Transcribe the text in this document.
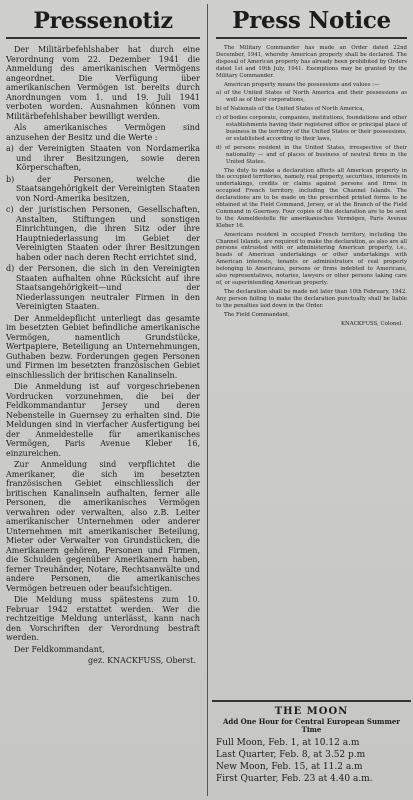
Pressenotiz

Der Militärbefehlshaber hat durch eine Verordnung vom 22. Dezember 1941 die Anmeldung des amerikanischen Vermögens angeordnet. Die Verfügung über amerikanischen Vermögen ist bereits durch Anordnungen vom 1. und 19. Juli 1941 verboten worden. Ausnahmen können vom Militärbefehlshaber bewilligt werden.

Als amerikanisches Vermögen sind anzusehen der Besitz und die Werte :

a) der Vereinigten Staaten von Nordamerika und ihrer Besitzungen, sowie deren Körperschaften,

b) der Personen, welche die Staatsangehörigkeit der Vereinigten Staaten von Nord-Amerika besitzen,

c) der juristischen Personen, Gesellschaften, Anstalten, Stiftungen und sonstigen Einrichtungen, die ihren Sitz oder ihre Hauptniederlassung im Gebiet der Vereinigten Staaten oder ihrer Besitzungen haben oder nach deren Recht errichtet sind,

d) der Personen, die sich in den Vereinigten Staaten aufhalten ohne Rücksicht auf ihre Staatsangehörigkeit—und der Niederlassungen neutraler Firmen in den Vereinigten Staaten.

Der Anmeldepflicht unterliegt das gesamte im besetzten Gebiet befindliche amerikanische Vermögen, namentlich Grundstücke, Wertpapiere, Beteiligung an Unternehmungen, Guthaben bezw. Forderungen gegen Personen und Firmen im besetzten französischen Gebiet einschliesslich der britischen Kanalinseln.

Die Anmeldung ist auf vorgeschriebenen Vordrucken vorzunehmen, die bei der Feldkommandantur Jersey und deren Nebenstelle in Guernsey zu erhalten sind. Die Meldungen sind in vierfacher Ausfertigung bei der Anmeldestelle für amerikanisches Vermögen, Paris Avenue Kleber 16, einzureichen.

Zur Anmeldung sind verpflichtet die Amerikaner, die sich im besetzten französischen Gebiet einschliesslich der britischen Kanalinseln aufhalten, ferner alle Personen, die amerikanisches Vermögen verwahren oder verwalten, also z.B. Leiter amerikanischer Unternehmen oder anderer Unternehmen mit amerikanischer Beteilung, Mieter oder Verwalter von Grundstücken, die Amerikanern gehören, Personen und Firmen, die Schulden gegenüber Amerikanern haben, ferner Treuhänder, Notare, Rechtsanwälte und andere Personen, die amerikanisches Vermögen betreuen oder beaufsichtigen.

Die Meldung muss spätestens zum 10. Februar 1942 erstattet werden. Wer die rechtzeitige Meldung unterlässt, kann nach den Vorschriften der Verordnung bestraft werden.

Der Feldkommandant,

gez. KNACKFUSS, Oberst.

Press Notice

The Military Commander has made an Order dated 22nd December, 1941, whereby American property shall be declared. The disposal of American property has already been prohibited by Orders dated 1st and 19th July, 1941. Exemptions may be granted by the Military Commander.

American property means the possessions and values :—

a) of the United States of North America and their possessions as well as of their corporations,

b) of Nationals of the United States of North America,

c) of bodies corporate, companies, institutions, foundations and other establishments having their registered office or principal place of business in the territory of the United States or their possessions, or established according to their laws,

d) of persons resident in the United States, irrespective of their nationality — and of places of business of neutral firms in the United States.

The duty to make a declaration affects all American property in the occupied territories, namely, real property, securities, interests in undertakings, credits or claims against persons and firms in occupied French territory, including the Channel Islands. The declarations are to be made on the prescribed printed forms to be obtained at the Field Command, Jersey, or at the Branch of the Field Command in Guernsey. Four copies of the declaration are to be sent to the Anmeldestelle für amerikanisches Vermögen, Paris Avenue Kleber 16.

Americans resident in occupied French territory, including the Channel Islands, are required to make the declaration, as also are all persons entrusted with or administering American property, i.e., heads of American undertakings or other undertakings with American interests, tenants or administrators of real property belonging to Americans, persons or firms indebted to Americans, also representatives, notaries, lawyers or other persons taking care of, or superintending American property.

The declaration shall be made not later than 10th February, 1942. Any person failing to make the declaration punctually shall be liable to the penalties laid down in the Order.

The Field Commandant,

KNACKFUSS, Colonel.

THE MOON
Add One Hour for Central European Summer Time
Full Moon, Feb. 1, at 10.12 a.m
Last Quarter, Feb. 8, at 3.52 p.m
New Moon, Feb. 15, at 11.2 a.m
First Quarter, Feb. 23 at 4.40 a.m.
